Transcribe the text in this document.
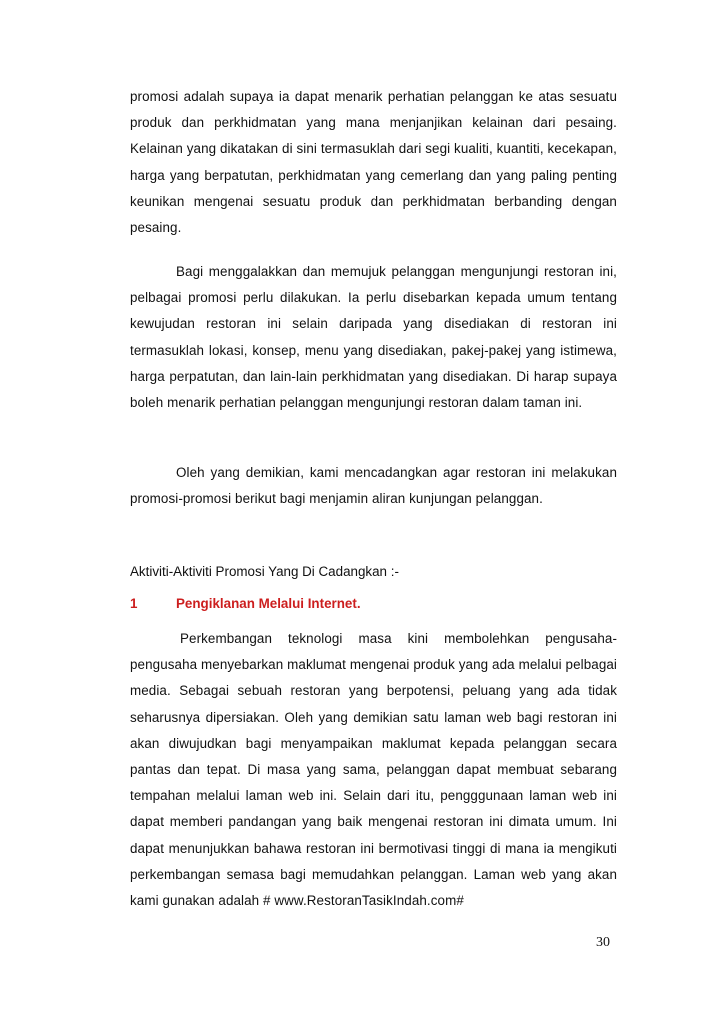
promosi adalah supaya ia dapat menarik perhatian pelanggan ke atas sesuatu produk dan perkhidmatan yang mana menjanjikan kelainan dari pesaing. Kelainan yang dikatakan di sini termasuklah dari segi kualiti, kuantiti, kecekapan, harga yang berpatutan, perkhidmatan yang cemerlang dan yang paling penting keunikan mengenai sesuatu produk dan perkhidmatan berbanding dengan pesaing.

Bagi menggalakkan dan memujuk pelanggan mengunjungi restoran ini, pelbagai promosi perlu dilakukan. Ia perlu disebarkan kepada umum tentang kewujudan restoran ini selain daripada yang disediakan di restoran ini termasuklah lokasi, konsep, menu yang disediakan, pakej-pakej yang istimewa, harga perpatutan, dan lain-lain perkhidmatan yang disediakan. Di harap supaya boleh menarik perhatian pelanggan mengunjungi restoran dalam taman ini.

Oleh yang demikian, kami mencadangkan agar restoran ini melakukan promosi-promosi berikut bagi menjamin aliran kunjungan pelanggan.

Aktiviti-Aktiviti Promosi Yang Di Cadangkan :-

1	Pengiklanan Melalui Internet.

Perkembangan teknologi masa kini membolehkan pengusaha-pengusaha menyebarkan maklumat mengenai produk yang ada melalui pelbagai media. Sebagai sebuah restoran yang berpotensi, peluang yang ada tidak seharusnya dipersiakan. Oleh yang demikian satu laman web bagi restoran ini akan diwujudkan bagi menyampaikan maklumat kepada pelanggan secara pantas dan tepat. Di masa yang sama, pelanggan dapat membuat sebarang tempahan melalui laman web ini. Selain dari itu, pengggunaan laman web ini dapat memberi pandangan yang baik mengenai restoran ini dimata umum. Ini dapat menunjukkan bahawa restoran ini bermotivasi tinggi di mana ia mengikuti perkembangan semasa bagi memudahkan pelanggan. Laman web yang akan kami gunakan adalah # www.RestoranTasikIndah.com#

30
